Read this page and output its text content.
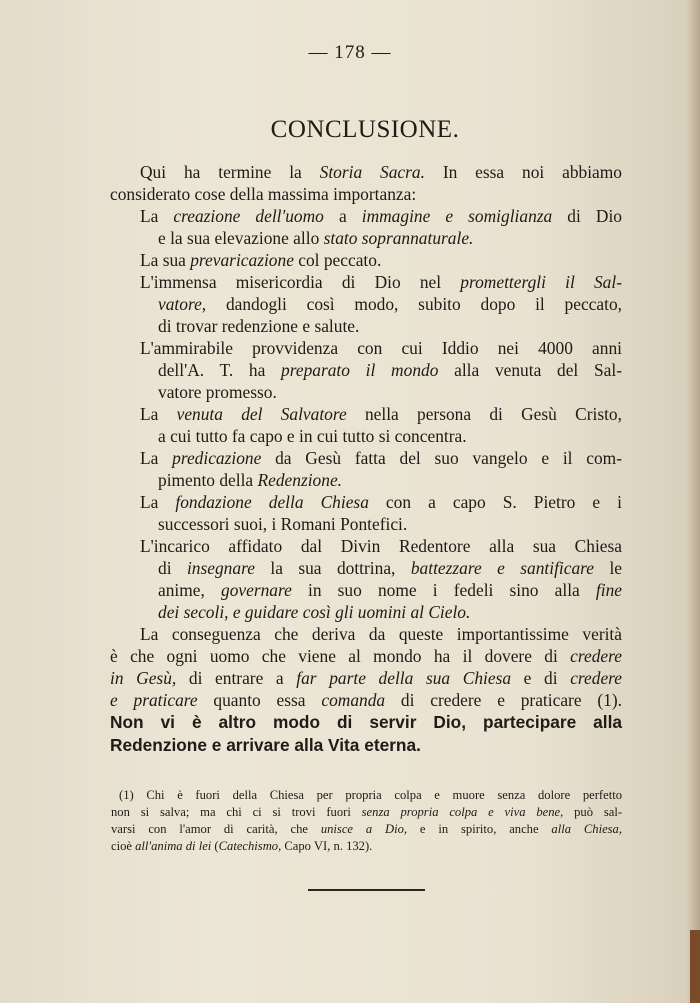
— 178 —
CONCLUSIONE.
Qui ha termine la Storia Sacra. In essa noi abbiamo
considerato cose della massima importanza:
La creazione dell'uomo a immagine e somiglianza di Dio
e la sua elevazione allo stato soprannaturale.
La sua prevaricazione col peccato.
L'immensa misericordia di Dio nel promettergli il Sal-
vatore, dandogli così modo, subito dopo il peccato,
di trovar redenzione e salute.
L'ammirabile provvidenza con cui Iddio nei 4000 anni
dell'A. T. ha preparato il mondo alla venuta del Sal-
vatore promesso.
La venuta del Salvatore nella persona di Gesù Cristo,
a cui tutto fa capo e in cui tutto si concentra.
La predicazione da Gesù fatta del suo vangelo e il com-
pimento della Redenzione.
La fondazione della Chiesa con a capo S. Pietro e i
successori suoi, i Romani Pontefici.
L'incarico affidato dal Divin Redentore alla sua Chiesa
di insegnare la sua dottrina, battezzare e santificare le
anime, governare in suo nome i fedeli sino alla fine
dei secoli, e guidare così gli uomini al Cielo.
La conseguenza che deriva da queste importantissime verità
è che ogni uomo che viene al mondo ha il dovere di credere
in Gesù, di entrare a far parte della sua Chiesa e di credere
e praticare quanto essa comanda di credere e praticare (1).
Non vi è altro modo di servir Dio, partecipare alla
Redenzione e arrivare alla Vita eterna.
(1) Chi è fuori della Chiesa per propria colpa e muore senza dolore perfetto
non si salva; ma chi ci si trovi fuori senza propria colpa e viva bene, può sal-
varsi con l'amor di carità, che unisce a Dio, e in spirito, anche alla Chiesa,
cioè all'anima di lei (Catechismo, Capo VI, n. 132).
